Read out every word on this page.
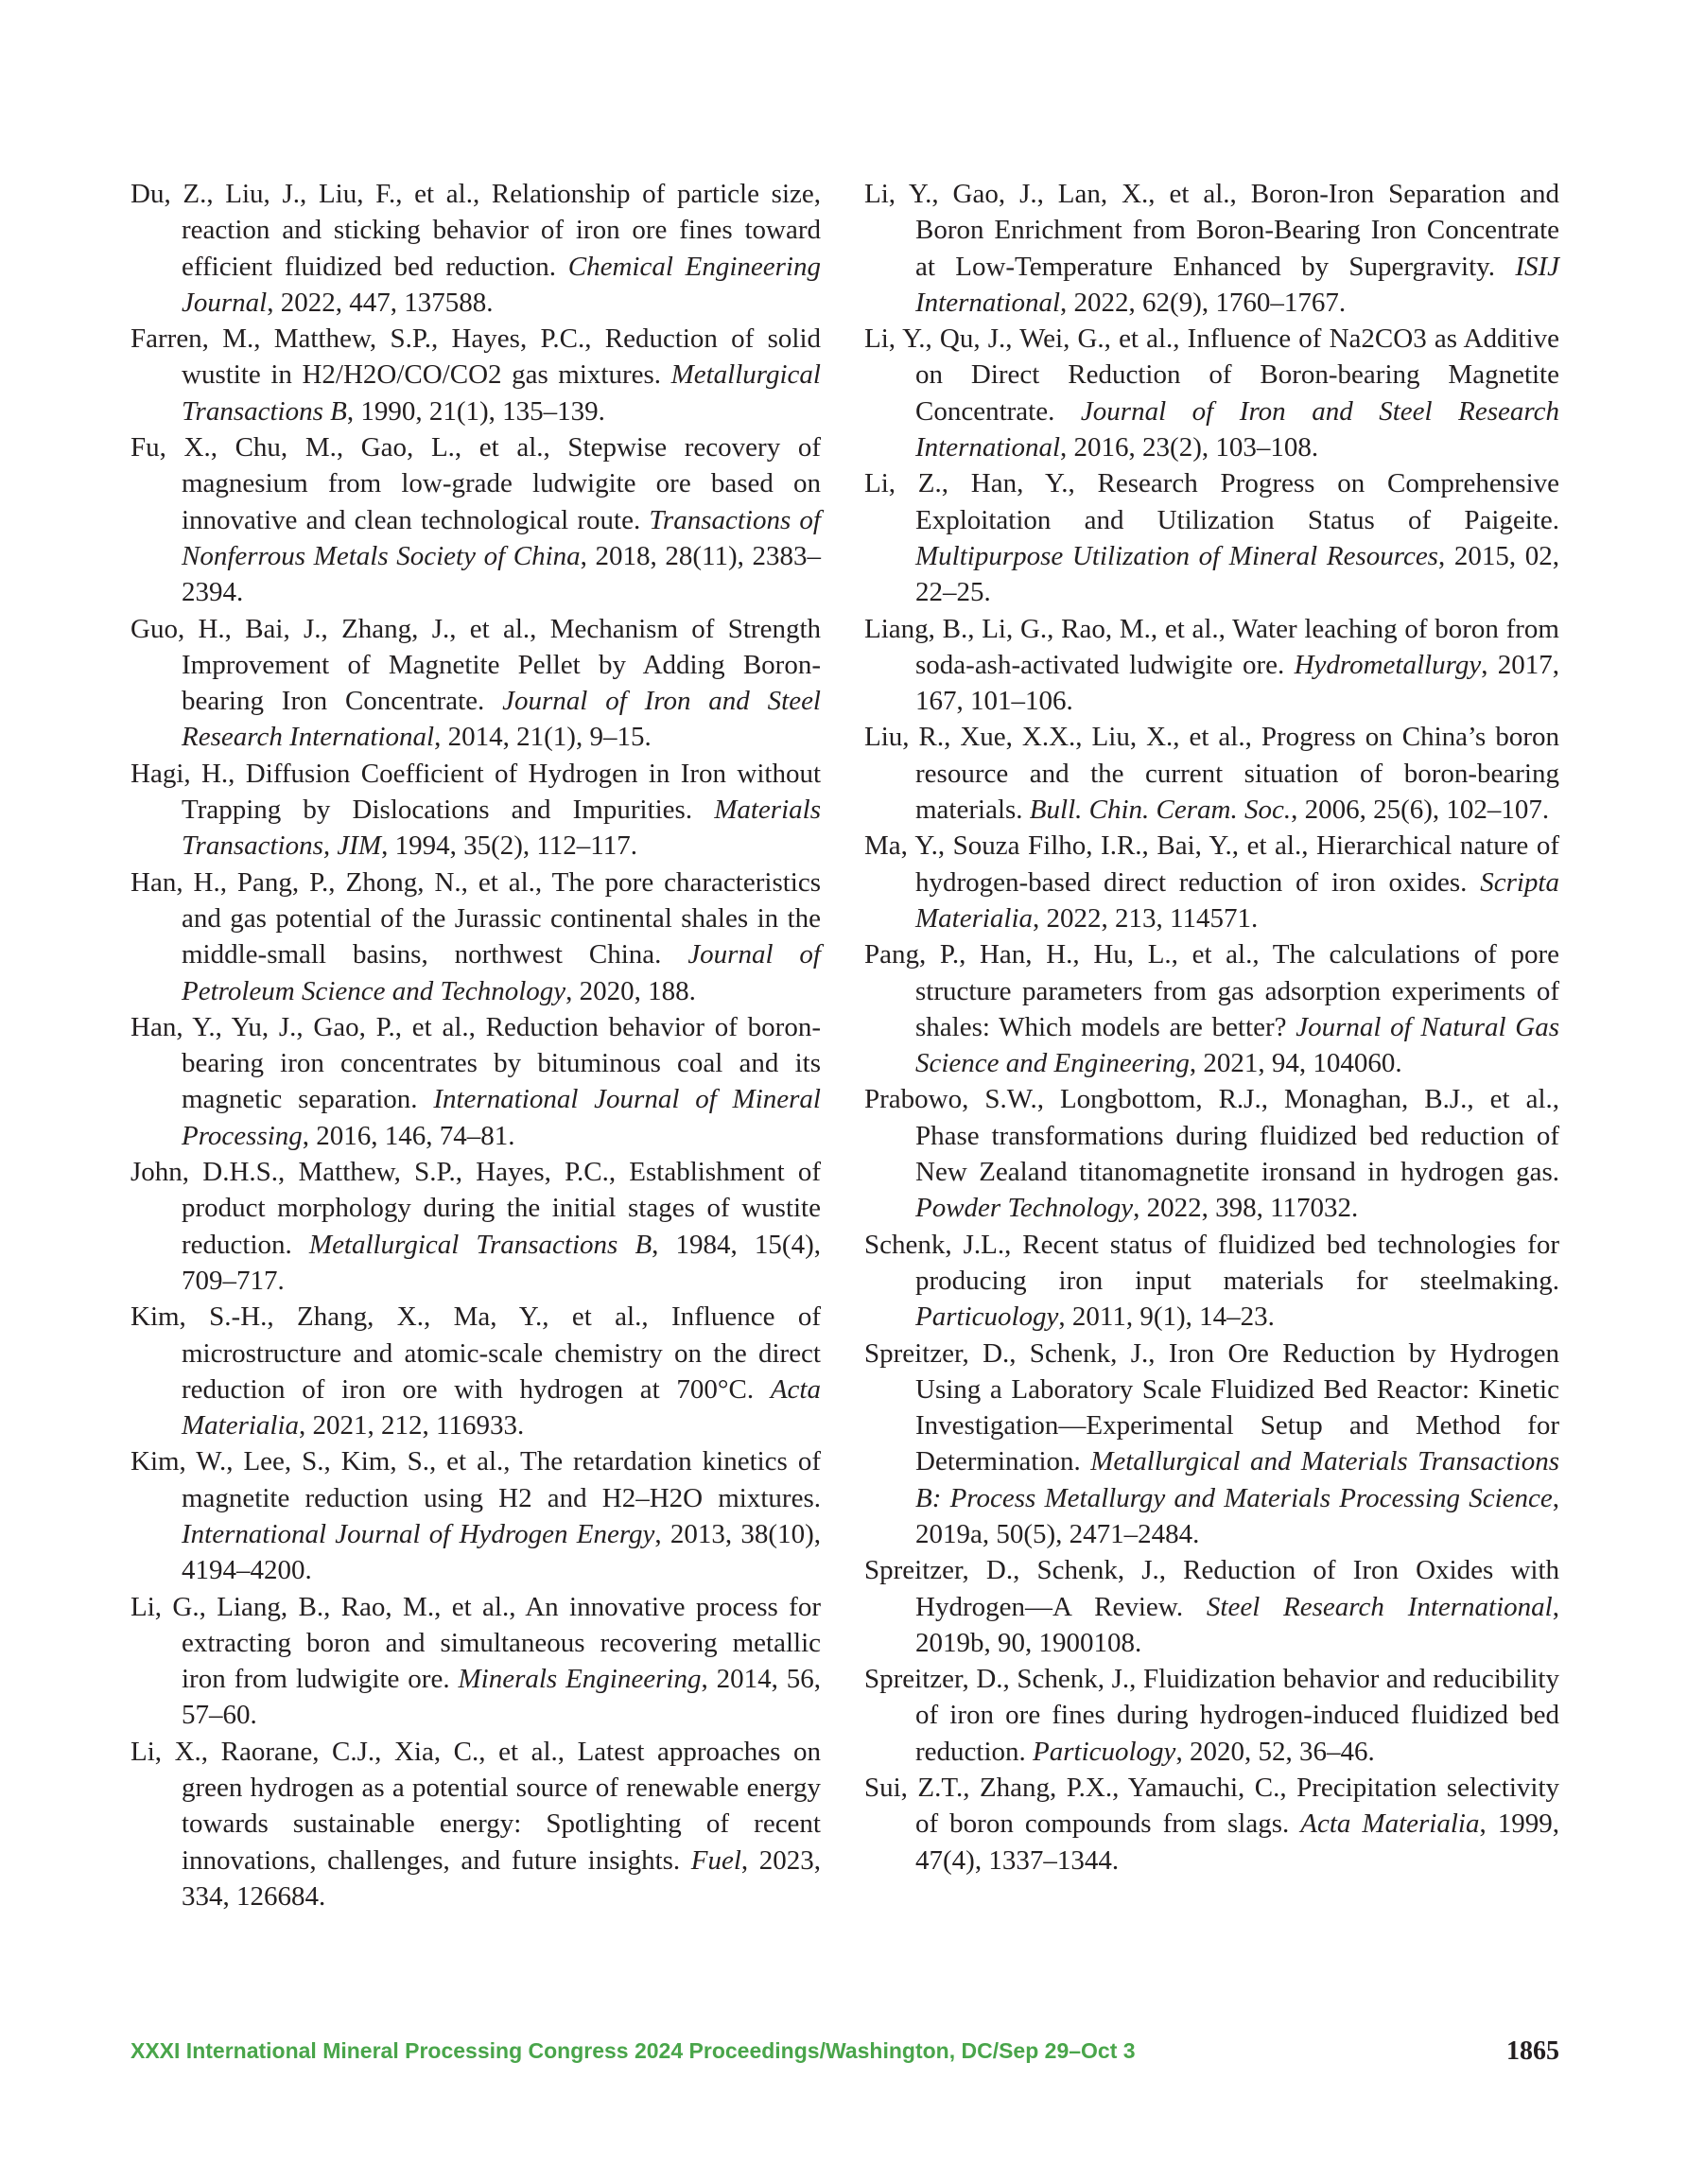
Du, Z., Liu, J., Liu, F., et al., Relationship of particle size, reaction and sticking behavior of iron ore fines toward efficient fluidized bed reduction. Chemical Engineering Journal, 2022, 447, 137588.

Farren, M., Matthew, S.P., Hayes, P.C., Reduction of solid wustite in H2/H2O/CO/CO2 gas mixtures. Metallurgical Transactions B, 1990, 21(1), 135–139.

Fu, X., Chu, M., Gao, L., et al., Stepwise recovery of magnesium from low-grade ludwigite ore based on innovative and clean technological route. Transactions of Nonferrous Metals Society of China, 2018, 28(11), 2383–2394.

Guo, H., Bai, J., Zhang, J., et al., Mechanism of Strength Improvement of Magnetite Pellet by Adding Boron-bearing Iron Concentrate. Journal of Iron and Steel Research International, 2014, 21(1), 9–15.

Hagi, H., Diffusion Coefficient of Hydrogen in Iron without Trapping by Dislocations and Impurities. Materials Transactions, JIM, 1994, 35(2), 112–117.

Han, H., Pang, P., Zhong, N., et al., The pore characteristics and gas potential of the Jurassic continental shales in the middle-small basins, northwest China. Journal of Petroleum Science and Technology, 2020, 188.

Han, Y., Yu, J., Gao, P., et al., Reduction behavior of boron-bearing iron concentrates by bituminous coal and its magnetic separation. International Journal of Mineral Processing, 2016, 146, 74–81.

John, D.H.S., Matthew, S.P., Hayes, P.C., Establishment of product morphology during the initial stages of wustite reduction. Metallurgical Transactions B, 1984, 15(4), 709–717.

Kim, S.-H., Zhang, X., Ma, Y., et al., Influence of microstructure and atomic-scale chemistry on the direct reduction of iron ore with hydrogen at 700°C. Acta Materialia, 2021, 212, 116933.

Kim, W., Lee, S., Kim, S., et al., The retardation kinetics of magnetite reduction using H2 and H2–H2O mixtures. International Journal of Hydrogen Energy, 2013, 38(10), 4194–4200.

Li, G., Liang, B., Rao, M., et al., An innovative process for extracting boron and simultaneous recovering metallic iron from ludwigite ore. Minerals Engineering, 2014, 56, 57–60.

Li, X., Raorane, C.J., Xia, C., et al., Latest approaches on green hydrogen as a potential source of renewable energy towards sustainable energy: Spotlighting of recent innovations, challenges, and future insights. Fuel, 2023, 334, 126684.

Li, Y., Gao, J., Lan, X., et al., Boron-Iron Separation and Boron Enrichment from Boron-Bearing Iron Concentrate at Low-Temperature Enhanced by Supergravity. ISIJ International, 2022, 62(9), 1760–1767.

Li, Y., Qu, J., Wei, G., et al., Influence of Na2CO3 as Additive on Direct Reduction of Boron-bearing Magnetite Concentrate. Journal of Iron and Steel Research International, 2016, 23(2), 103–108.

Li, Z., Han, Y., Research Progress on Comprehensive Exploitation and Utilization Status of Paigeite. Multipurpose Utilization of Mineral Resources, 2015, 02, 22–25.

Liang, B., Li, G., Rao, M., et al., Water leaching of boron from soda-ash-activated ludwigite ore. Hydrometallurgy, 2017, 167, 101–106.

Liu, R., Xue, X.X., Liu, X., et al., Progress on China’s boron resource and the current situation of boron-bearing materials. Bull. Chin. Ceram. Soc., 2006, 25(6), 102–107.

Ma, Y., Souza Filho, I.R., Bai, Y., et al., Hierarchical nature of hydrogen-based direct reduction of iron oxides. Scripta Materialia, 2022, 213, 114571.

Pang, P., Han, H., Hu, L., et al., The calculations of pore structure parameters from gas adsorption experiments of shales: Which models are better? Journal of Natural Gas Science and Engineering, 2021, 94, 104060.

Prabowo, S.W., Longbottom, R.J., Monaghan, B.J., et al., Phase transformations during fluidized bed reduction of New Zealand titanomagnetite ironsand in hydrogen gas. Powder Technology, 2022, 398, 117032.

Schenk, J.L., Recent status of fluidized bed technologies for producing iron input materials for steelmaking. Particuology, 2011, 9(1), 14–23.

Spreitzer, D., Schenk, J., Iron Ore Reduction by Hydrogen Using a Laboratory Scale Fluidized Bed Reactor: Kinetic Investigation—Experimental Setup and Method for Determination. Metallurgical and Materials Transactions B: Process Metallurgy and Materials Processing Science, 2019a, 50(5), 2471–2484.

Spreitzer, D., Schenk, J., Reduction of Iron Oxides with Hydrogen—A Review. Steel Research International, 2019b, 90, 1900108.

Spreitzer, D., Schenk, J., Fluidization behavior and reducibility of iron ore fines during hydrogen-induced fluidized bed reduction. Particuology, 2020, 52, 36–46.

Sui, Z.T., Zhang, P.X., Yamauchi, C., Precipitation selectivity of boron compounds from slags. Acta Materialia, 1999, 47(4), 1337–1344.

XXXI International Mineral Processing Congress 2024 Proceedings/Washington, DC/Sep 29–Oct 3	1865
